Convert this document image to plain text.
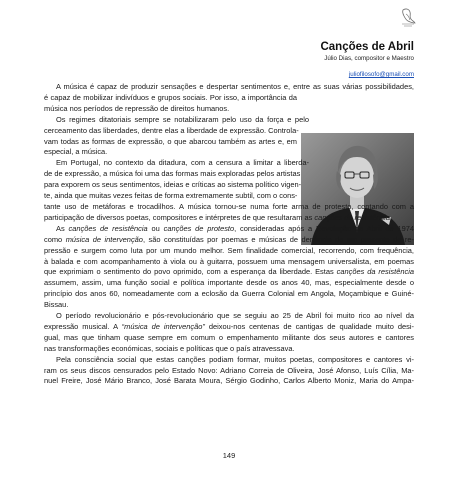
Canções de Abril
Júlio Dias, compositor e Maestro
juliofilosofo@gmail.com

A música é capaz de produzir sensações e despertar sentimentos e, entre as suas várias possibilidades,
é capaz de mobilizar indivíduos e grupos sociais. Por isso, a importância da
música nos períodos de repressão de direitos humanos.

Os regimes ditatoriais sempre se notabilizaram pelo uso da força e pelo
cerceamento das liberdades, dentre elas a liberdade de expressão. Controla-
vam todas as formas de expressão, o que abarcou também as artes e, em
especial, a música.

Em Portugal, no contexto da ditadura, com a censura a limitar a liberda-
de de expressão, a música foi uma das formas mais exploradas pelos artistas
para exporem os seus sentimentos, ideias e críticas ao sistema político vigen-
te, ainda que muitas vezes feitas de forma extremamente subtil, com o cons-
tante uso de metáforas e trocadilhos. A música tornou-se numa forte arma de protesto, contando com a
participação de diversos poetas, compositores e intérpretes de que resultaram as canções de resistência.

As canções de resistência ou canções de protesto, consideradas após a Revolução de Abril de 1974
como música de intervenção, são constituídas por poemas e músicas de denúncia de um presente de re-
pressão e surgem como luta por um mundo melhor. Sem finalidade comercial, recorrendo, com frequência,
à balada e com acompanhamento à viola ou à guitarra, possuem uma mensagem universalista, em poemas
que exprimiam o sentimento do povo oprimido, com a esperança da liberdade. Estas canções da resistência
assumem, assim, uma função social e política importante desde os anos 40, mas, especialmente desde o
princípio dos anos 60, nomeadamente com a eclosão da Guerra Colonial em Angola, Moçambique e Guiné-
Bissau.

O período revolucionário e pós-revolucionário que se seguiu ao 25 de Abril foi muito rico ao nível da
expressão musical. A “música de intervenção” deixou-nos centenas de cantigas de qualidade muito desi-
gual, mas que tinham quase sempre em comum o empenhamento militante dos seus autores e cantores
nas transformações económicas, sociais e políticas que o país atravessava.

Pela consciência social que estas canções podiam formar, muitos poetas, compositores e cantores vi-
ram os seus discos censurados pelo Estado Novo: Adriano Correia de Oliveira, José Afonso, Luís Cília, Ma-
nuel Freire, José Mário Branco, José Barata Moura, Sérgio Godinho, Carlos Alberto Moniz, Maria do Ampa-

149
